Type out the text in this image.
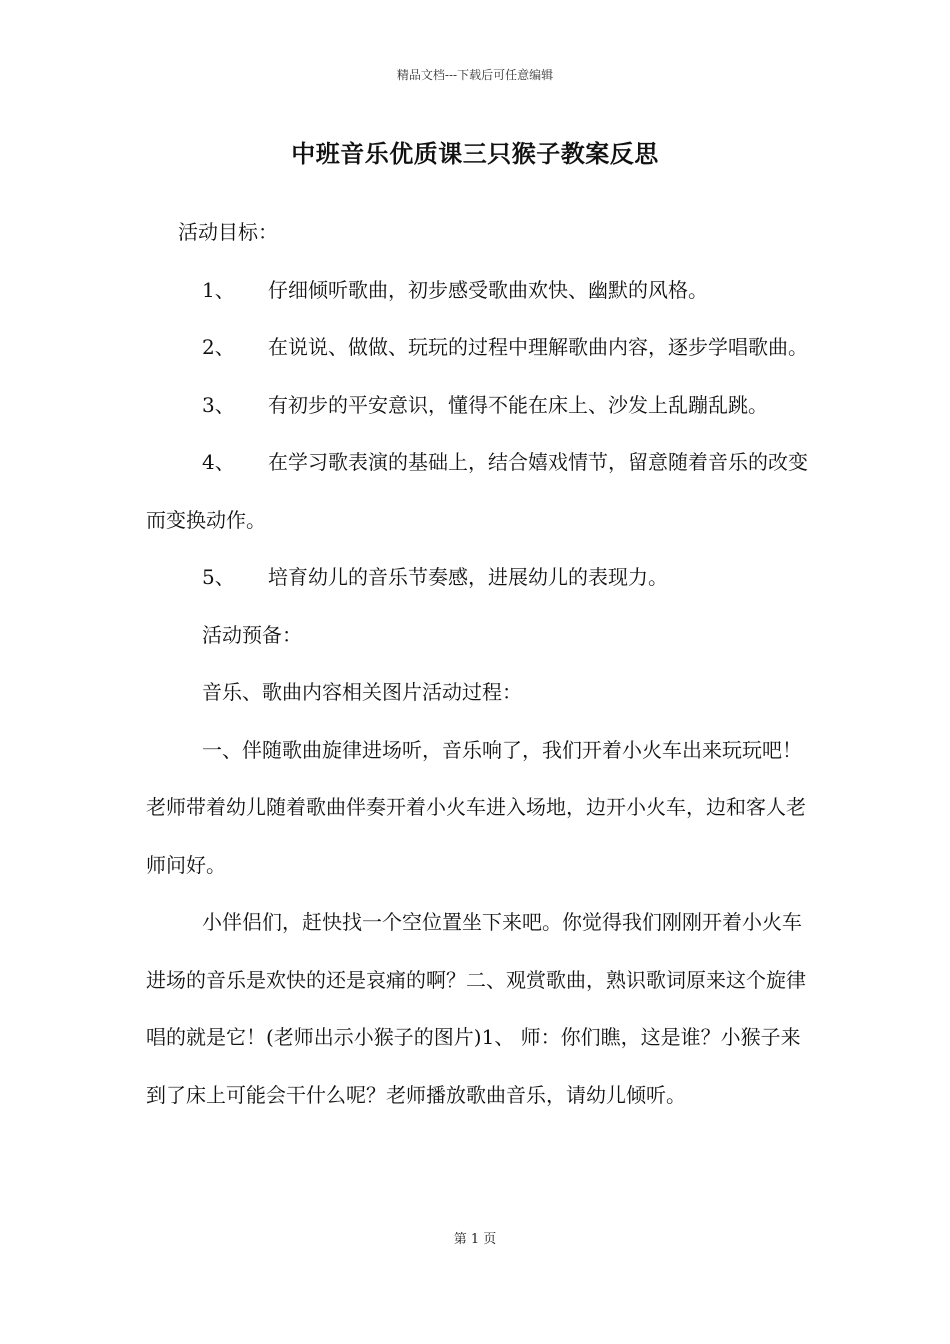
精品文档---下载后可任意编辑
中班音乐优质课三只猴子教案反思

活动目标：

1、 仔细倾听歌曲，初步感受歌曲欢快、幽默的风格。

2、 在说说、做做、玩玩的过程中理解歌曲内容，逐步学唱歌曲。

3、 有初步的平安意识，懂得不能在床上、沙发上乱蹦乱跳。

4、 在学习歌表演的基础上，结合嬉戏情节，留意随着音乐的改变而变换动作。

5、 培育幼儿的音乐节奏感，进展幼儿的表现力。

活动预备：

音乐、歌曲内容相关图片活动过程：

一、伴随歌曲旋律进场听，音乐响了，我们开着小火车出来玩玩吧！老师带着幼儿随着歌曲伴奏开着小火车进入场地，边开小火车，边和客人老师问好。

小伴侣们，赶快找一个空位置坐下来吧。你觉得我们刚刚开着小火车进场的音乐是欢快的还是哀痛的啊？二、观赏歌曲，熟识歌词原来这个旋律唱的就是它！(老师出示小猴子的图片)1、 师：你们瞧，这是谁？小猴子来到了床上可能会干什么呢？老师播放歌曲音乐，请幼儿倾听。

第 1 页
